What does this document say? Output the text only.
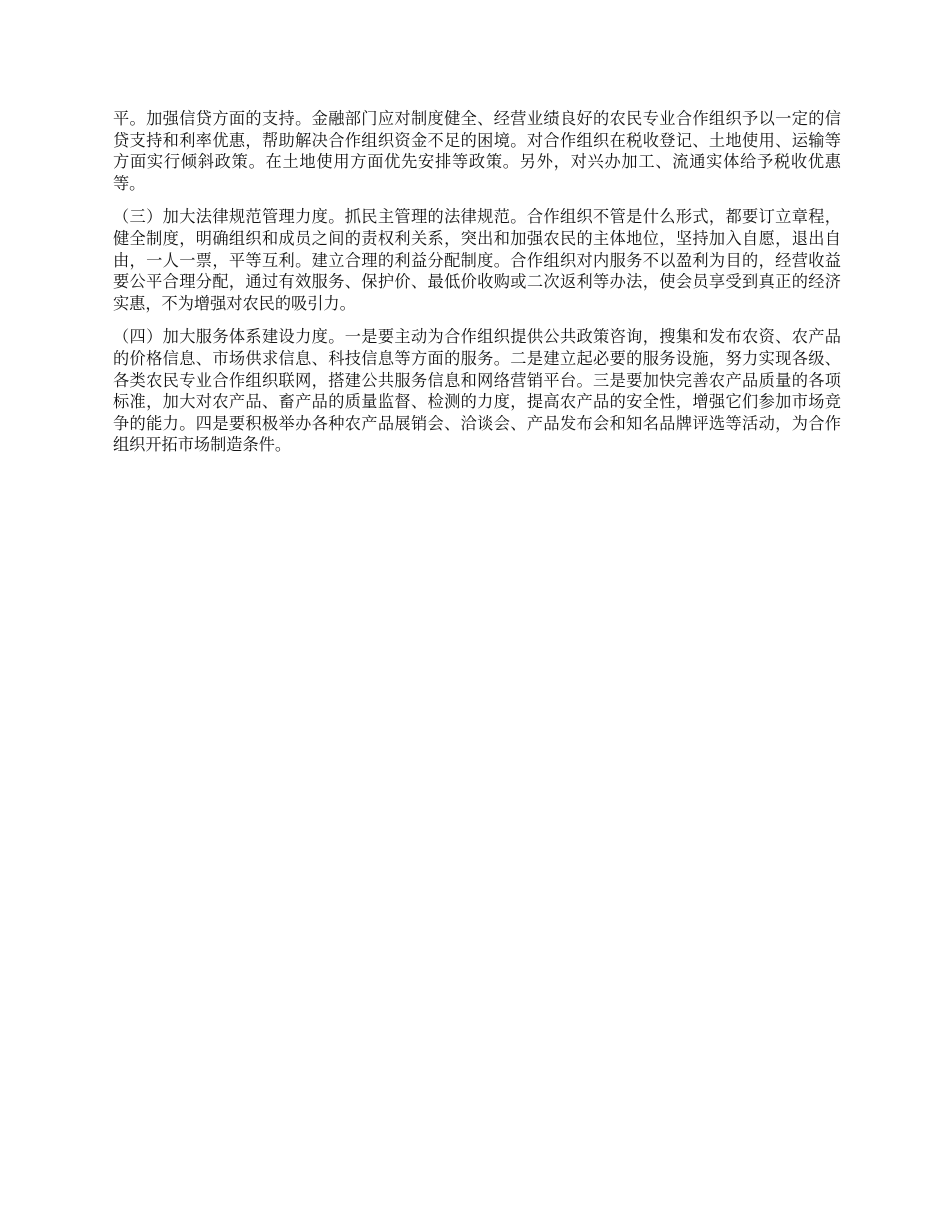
平。加强信贷方面的支持。金融部门应对制度健全、经营业绩良好的农民专业合作组织予以一定的信贷支持和利率优惠，帮助解决合作组织资金不足的困境。对合作组织在税收登记、土地使用、运输等方面实行倾斜政策。在土地使用方面优先安排等政策。另外，对兴办加工、流通实体给予税收优惠等。

（三）加大法律规范管理力度。抓民主管理的法律规范。合作组织不管是什么形式，都要订立章程，健全制度，明确组织和成员之间的责权利关系，突出和加强农民的主体地位，坚持加入自愿，退出自由，一人一票，平等互利。建立合理的利益分配制度。合作组织对内服务不以盈利为目的，经营收益要公平合理分配，通过有效服务、保护价、最低价收购或二次返利等办法，使会员享受到真正的经济实惠，不为增强对农民的吸引力。

（四）加大服务体系建设力度。一是要主动为合作组织提供公共政策咨询，搜集和发布农资、农产品的价格信息、市场供求信息、科技信息等方面的服务。二是建立起必要的服务设施，努力实现各级、各类农民专业合作组织联网，搭建公共服务信息和网络营销平台。三是要加快完善农产品质量的各项标准，加大对农产品、畜产品的质量监督、检测的力度，提高农产品的安全性，增强它们参加市场竞争的能力。四是要积极举办各种农产品展销会、洽谈会、产品发布会和知名品牌评选等活动，为合作组织开拓市场制造条件。
